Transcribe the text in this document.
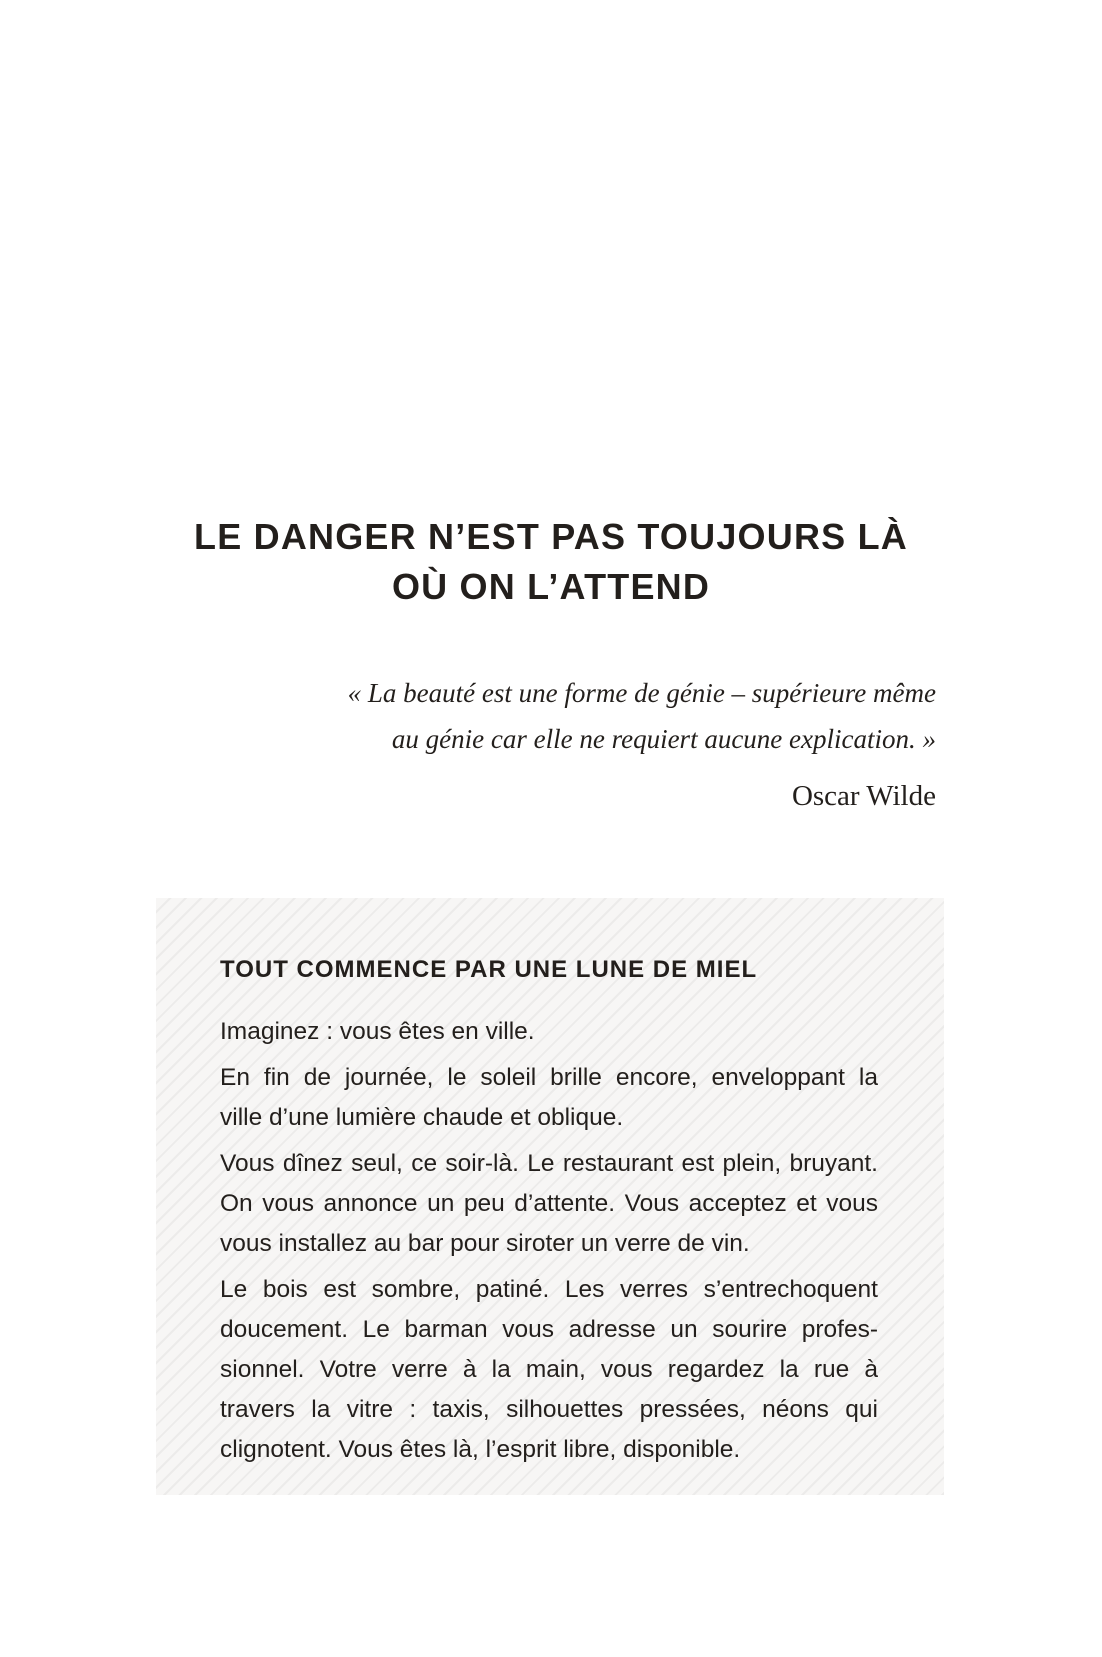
LE DANGER N’EST PAS TOUJOURS LÀ
OÙ ON L’ATTEND

« La beauté est une forme de génie – supérieure même
au génie car elle ne requiert aucune explication. »

Oscar Wilde

TOUT COMMENCE PAR UNE LUNE DE MIEL

Imaginez : vous êtes en ville.

En fin de journée, le soleil brille encore, enveloppant la
ville d’une lumière chaude et oblique.

Vous dînez seul, ce soir-là. Le restaurant est plein, bruyant.
On vous annonce un peu d’attente. Vous acceptez et vous
vous installez au bar pour siroter un verre de vin.

Le bois est sombre, patiné. Les verres s’entrechoquent
doucement. Le barman vous adresse un sourire profes-
sionnel. Votre verre à la main, vous regardez la rue à
travers la vitre : taxis, silhouettes pressées, néons qui
clignotent. Vous êtes là, l’esprit libre, disponible.
